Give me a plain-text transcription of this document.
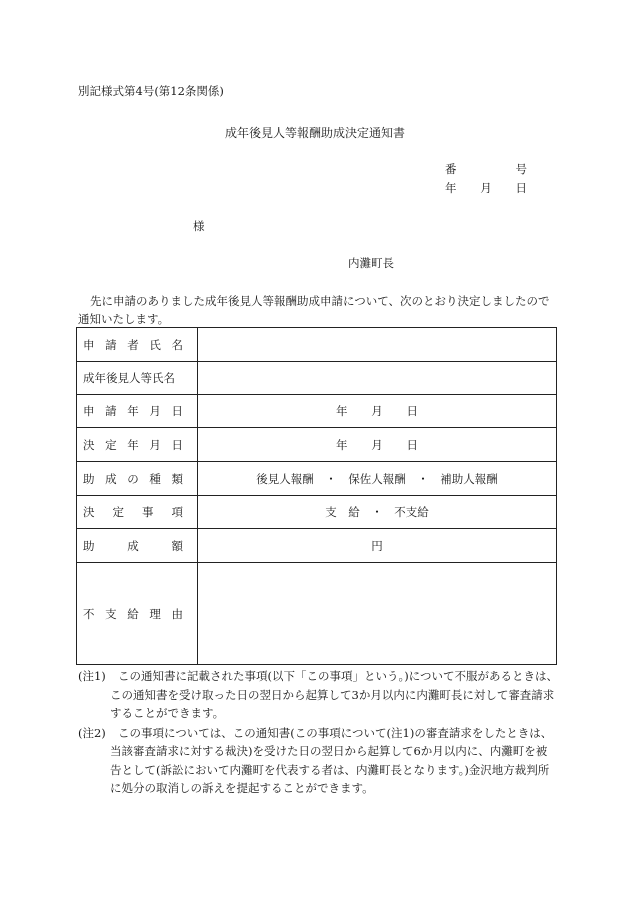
別記様式第4号(第12条関係)
成年後見人等報酬助成決定通知書
番	号
年 月 日
様
内灘町長
先に申請のありました成年後見人等報酬助成申請について、次のとおり決定しましたので通知いたします。
申 請 者 氏 名	

成年後見人等氏名	

申 請 年 月 日	年 月 日

決 定 年 月 日	年 月 日

助 成 の 種 類	後見人報酬　・　保佐人報酬　・　補助人報酬

決 定 事 項	支　給　・　不支給

助 成 額	円

不 支 給 理 由	

(注1)	この通知書に記載された事項(以下「この事項」という。)について不服があるときは、この通知書を受け取った日の翌日から起算して3か月以内に内灘町長に対して審査請求することができます。
(注2)	この事項については、この通知書(この事項について(注1)の審査請求をしたときは、当該審査請求に対する裁決)を受けた日の翌日から起算して6か月以内に、内灘町を被告として(訴訟において内灘町を代表する者は、内灘町長となります。)金沢地方裁判所に処分の取消しの訴えを提起することができます。
